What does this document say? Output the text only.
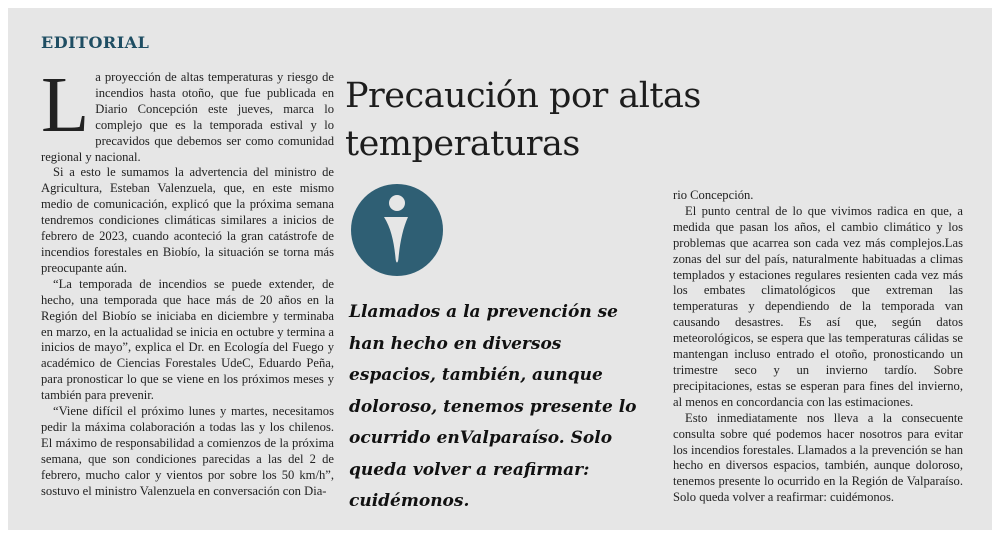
EDITORIAL

La proyección de altas temperaturas y riesgo de incendios hasta otoño, que fue publicada en Diario Concepción este jueves, marca lo complejo que es la temporada estival y lo precavidos que debemos ser como comunidad regional y nacional.

Si a esto le sumamos la advertencia del ministro de Agricultura, Esteban Valenzuela, que, en este mismo medio de comunicación, explicó que la próxima semana tendremos condiciones climáticas similares a inicios de febrero de 2023, cuando aconteció la gran catástrofe de incendios forestales en Biobío, la situación se torna más preocupante aún.

“La temporada de incendios se puede extender, de hecho, una temporada que hace más de 20 años en la Región del Biobío se iniciaba en diciembre y terminaba en marzo, en la actualidad se inicia en octubre y termina a inicios de mayo”, explica el Dr. en Ecología del Fuego y académico de Ciencias Forestales UdeC, Eduardo Peña, para pronosticar lo que se viene en los próximos meses y también para prevenir.

“Viene difícil el próximo lunes y martes, necesitamos pedir la máxima colaboración a todas las y los chilenos. El máximo de responsabilidad a comienzos de la próxima semana, que son condiciones parecidas a las del 2 de febrero, mucho calor y vientos por sobre los 50 km/h”, sostuvo el ministro Valenzuela en conversación con Dia-

Precaución por altas temperaturas
Llamados a la prevención se han hecho en diversos espacios, también, aunque doloroso, tenemos presente lo ocurrido enValparaíso. Solo queda volver a reafirmar: cuidémonos.

rio Concepción.

El punto central de lo que vivimos radica en que, a medida que pasan los años, el cambio climático y los problemas que acarrea son cada vez más complejos.Las zonas del sur del país, naturalmente habituadas a climas templados y estaciones regulares resienten cada vez más los embates climatológicos que extreman las temperaturas y dependiendo de la temporada van causando desastres. Es así que, según datos meteorológicos, se espera que las temperaturas cálidas se mantengan incluso entrado el otoño, pronosticando un trimestre seco y un invierno tardío. Sobre precipitaciones, estas se esperan para fines del invierno, al menos en concordancia con las estimaciones.

Esto inmediatamente nos lleva a la consecuente consulta sobre qué podemos hacer nosotros para evitar los incendios forestales. Llamados a la prevención se han hecho en diversos espacios, también, aunque doloroso, tenemos presente lo ocurrido en la Región de Valparaíso. Solo queda volver a reafirmar: cuidémonos.
